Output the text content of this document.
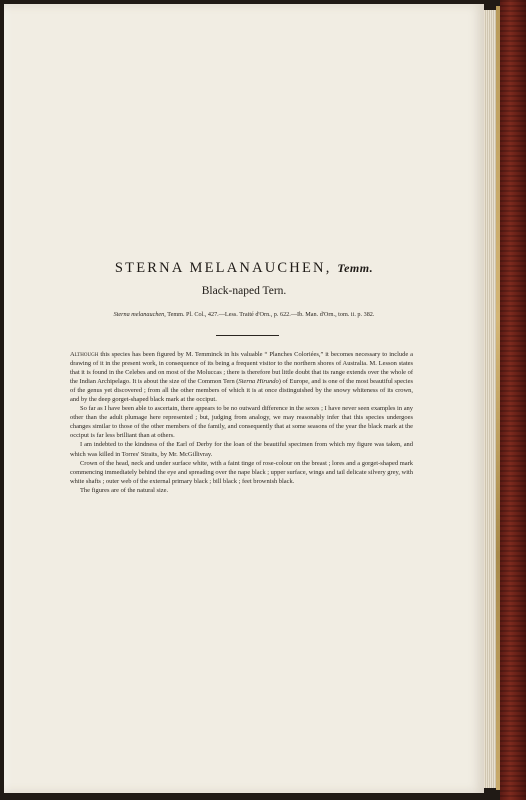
STERNA MELANAUCHEN, Temm.
Black-naped Tern.
Sterna melanauchen, Temm. Pl. Col., 427.—Less. Traité d'Orn., p. 622.—Ib. Man. d'Orn., tom. ii. p. 382.

Although this species has been figured by M. Temminck in his valuable “ Planches Coloriées,” it becomes necessary to include a drawing of it in the present work, in consequence of its being a frequent visitor to the northern shores of Australia. M. Lesson states that it is found in the Celebes and on most of the Moluccas ; there is therefore but little doubt that its range extends over the whole of the Indian Archipelago. It is about the size of the Common Tern (Sterna Hirundo) of Europe, and is one of the most beautiful species of the genus yet discovered ; from all the other members of which it is at once distinguished by the snowy whiteness of its crown, and by the deep gorget-shaped black mark at the occiput.

So far as I have been able to ascertain, there appears to be no outward difference in the sexes ; I have never seen examples in any other than the adult plumage here represented ; but, judging from analogy, we may reasonably infer that this species undergoes changes similar to those of the other members of the family, and consequently that at some seasons of the year the black mark at the occiput is far less brilliant than at others.

I am indebted to the kindness of the Earl of Derby for the loan of the beautiful specimen from which my figure was taken, and which was killed in Torres' Straits, by Mr. McGillivray.

Crown of the head, neck and under surface white, with a faint tinge of rose-colour on the breast ; lores and a gorget-shaped mark commencing immediately behind the eye and spreading over the nape black ; upper surface, wings and tail delicate silvery grey, with white shafts ; outer web of the external primary black ; bill black ; feet brownish black.

The figures are of the natural size.
